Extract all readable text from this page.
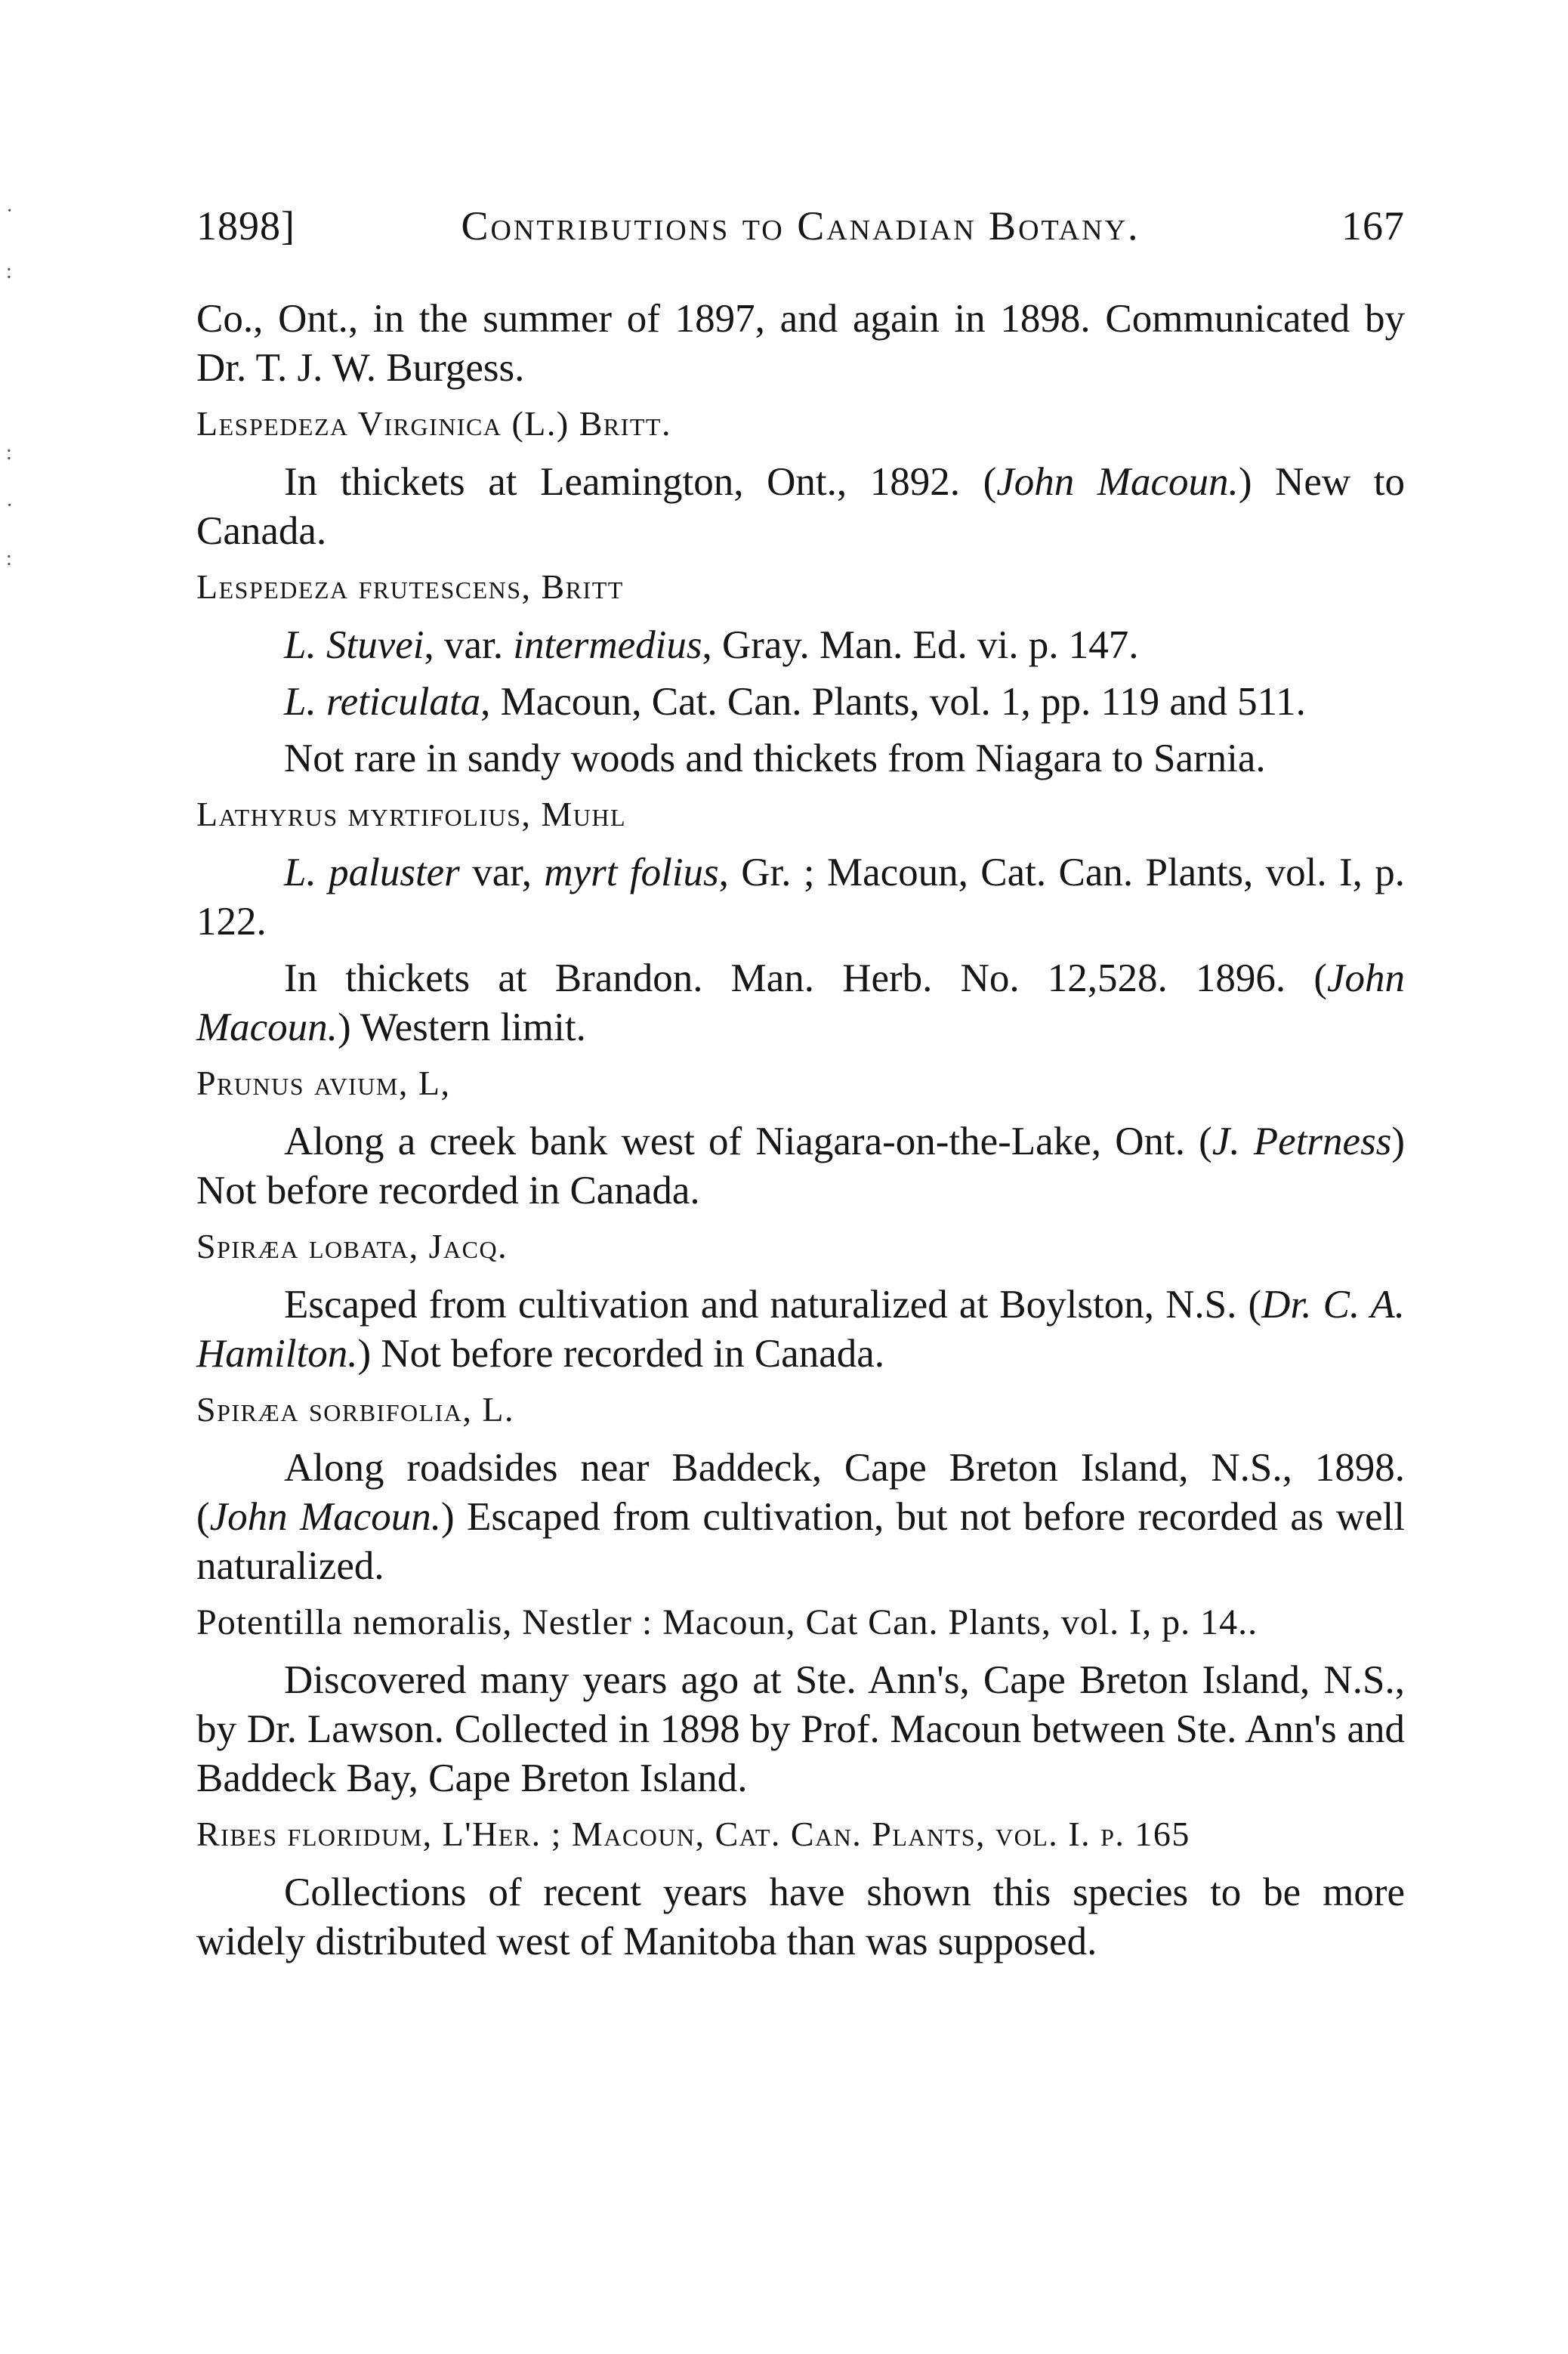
·
:
:
·
:
1898]	Contributions to Canadian Botany.	167
Co., Ont., in the summer of 1897, and again in 1898. Communicated by Dr. T. J. W. Burgess.
Lespedeza Virginica (L.) Britt.
In thickets at Leamington, Ont., 1892. (John Macoun.) New to Canada.
Lespedeza frutescens, Britt
L. Stuvei, var. intermedius, Gray. Man. Ed. vi. p. 147.
L. reticulata, Macoun, Cat. Can. Plants, vol. 1, pp. 119 and 511.
Not rare in sandy woods and thickets from Niagara to Sarnia.
Lathyrus myrtifolius, Muhl
L. paluster var, myrt folius, Gr. ; Macoun, Cat. Can. Plants, vol. I, p. 122.
In thickets at Brandon. Man. Herb. No. 12,528. 1896. (John Macoun.) Western limit.
Prunus avium, L,
Along a creek bank west of Niagara-on-the-Lake, Ont. (J. Petrness) Not before recorded in Canada.
Spiræa lobata, Jacq.
Escaped from cultivation and naturalized at Boylston, N.S. (Dr. C. A. Hamilton.) Not before recorded in Canada.
Spiræa sorbifolia, L.
Along roadsides near Baddeck, Cape Breton Island, N.S., 1898. (John Macoun.) Escaped from cultivation, but not before recorded as well naturalized.
Potentilla nemoralis, Nestler : Macoun, Cat Can. Plants, vol. I, p. 14..
Discovered many years ago at Ste. Ann's, Cape Breton Island, N.S., by Dr. Lawson. Collected in 1898 by Prof. Macoun between Ste. Ann's and Baddeck Bay, Cape Breton Island.
Ribes floridum, L'Her. ; Macoun, Cat. Can. Plants, vol. I. p. 165
Collections of recent years have shown this species to be more widely distributed west of Manitoba than was supposed.
